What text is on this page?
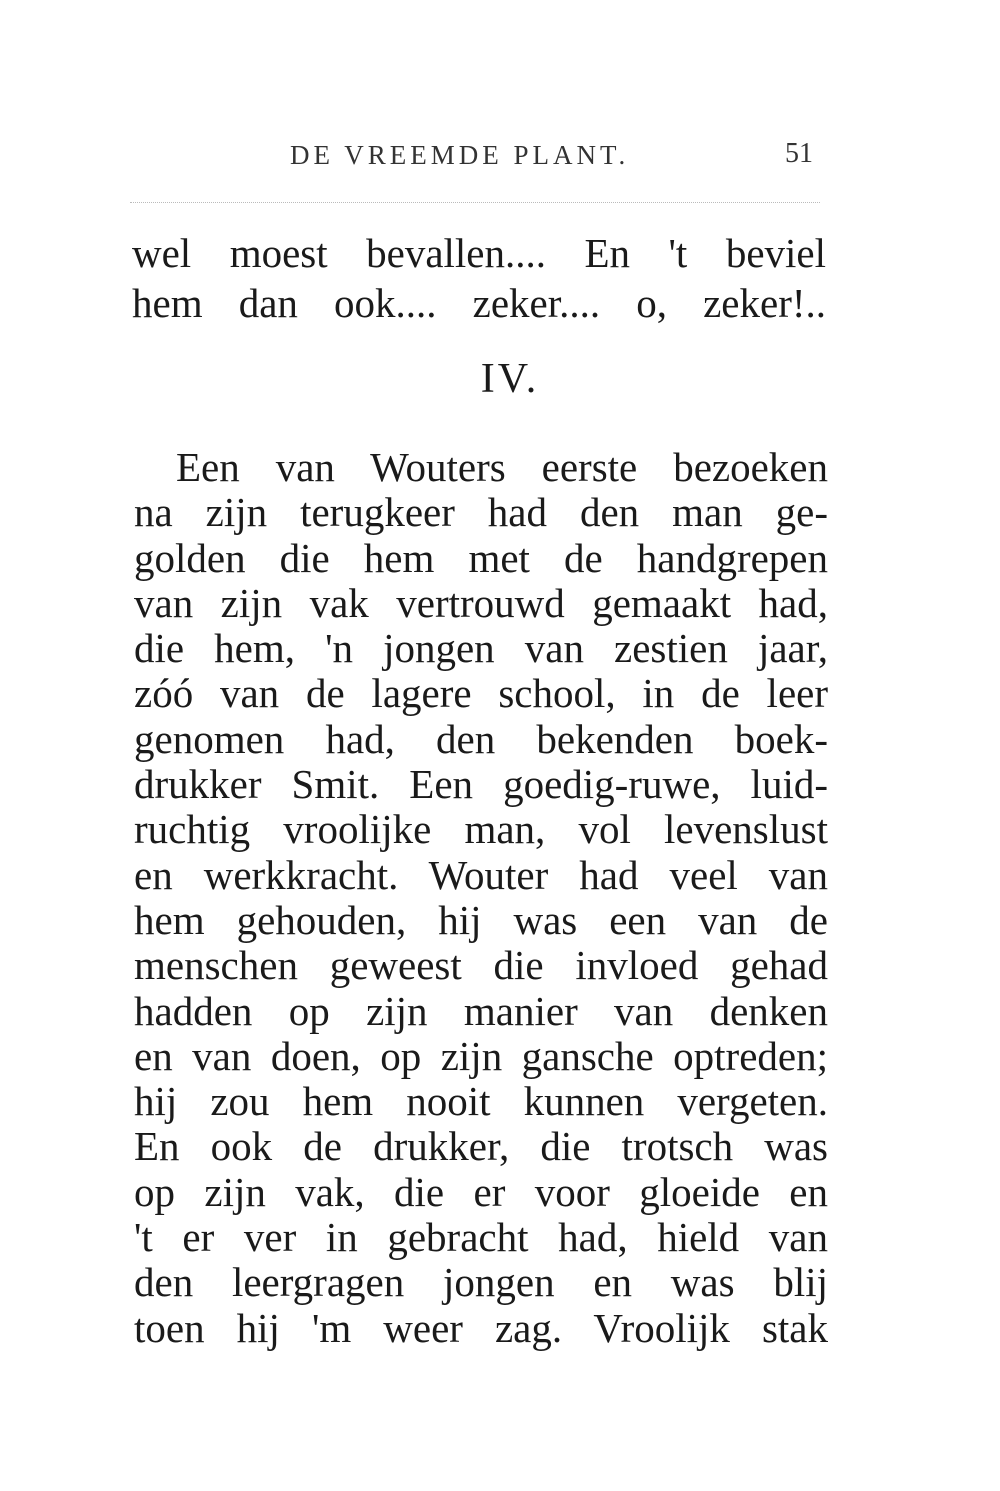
DE VREEMDE PLANT.	51
wel moest bevallen.... En 't beviel
hem dan ook.... zeker.... o, zeker!..
IV.
Een van Wouters eerste bezoeken
na zijn terugkeer had den man ge-
golden die hem met de handgrepen
van zijn vak vertrouwd gemaakt had,
die hem, 'n jongen van zestien jaar,
zóó van de lagere school, in de leer
genomen had, den bekenden boek-
drukker Smit. Een goedig-ruwe, luid-
ruchtig vroolijke man, vol levenslust
en werkkracht. Wouter had veel van
hem gehouden, hij was een van de
menschen geweest die invloed gehad
hadden op zijn manier van denken
en van doen, op zijn gansche optreden;
hij zou hem nooit kunnen vergeten.
En ook de drukker, die trotsch was
op zijn vak, die er voor gloeide en
't er ver in gebracht had, hield van
den leergragen jongen en was blij
toen hij 'm weer zag. Vroolijk stak
